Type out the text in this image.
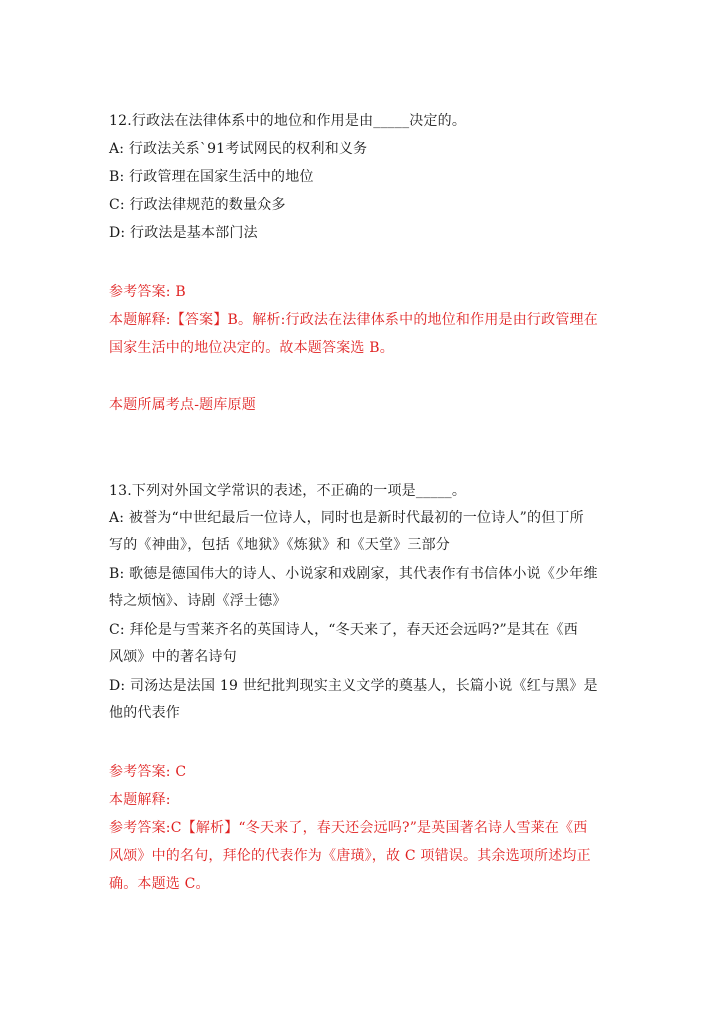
12.行政法在法律体系中的地位和作用是由_____决定的。
A: 行政法关系`91考试网民的权利和义务
B: 行政管理在国家生活中的地位
C: 行政法律规范的数量众多
D: 行政法是基本部门法
参考答案: B
本题解释:【答案】B。解析:行政法在法律体系中的地位和作用是由行政管理在
国家生活中的地位决定的。故本题答案选 B。
本题所属考点-题库原题
13.下列对外国文学常识的表述，不正确的一项是_____。
A: 被誉为“中世纪最后一位诗人，同时也是新时代最初的一位诗人”的但丁所
写的《神曲》，包括《地狱》《炼狱》和《天堂》三部分
B: 歌德是德国伟大的诗人、小说家和戏剧家，其代表作有书信体小说《少年维
特之烦恼》、诗剧《浮士德》
C: 拜伦是与雪莱齐名的英国诗人，“冬天来了，春天还会远吗?”是其在《西
风颂》中的著名诗句
D: 司汤达是法国 19 世纪批判现实主义文学的奠基人，长篇小说《红与黑》是
他的代表作
参考答案: C
本题解释:
参考答案:C【解析】“冬天来了，春天还会远吗?”是英国著名诗人雪莱在《西
风颂》中的名句，拜伦的代表作为《唐璜》，故 C 项错误。其余选项所述均正
确。本题选 C。
